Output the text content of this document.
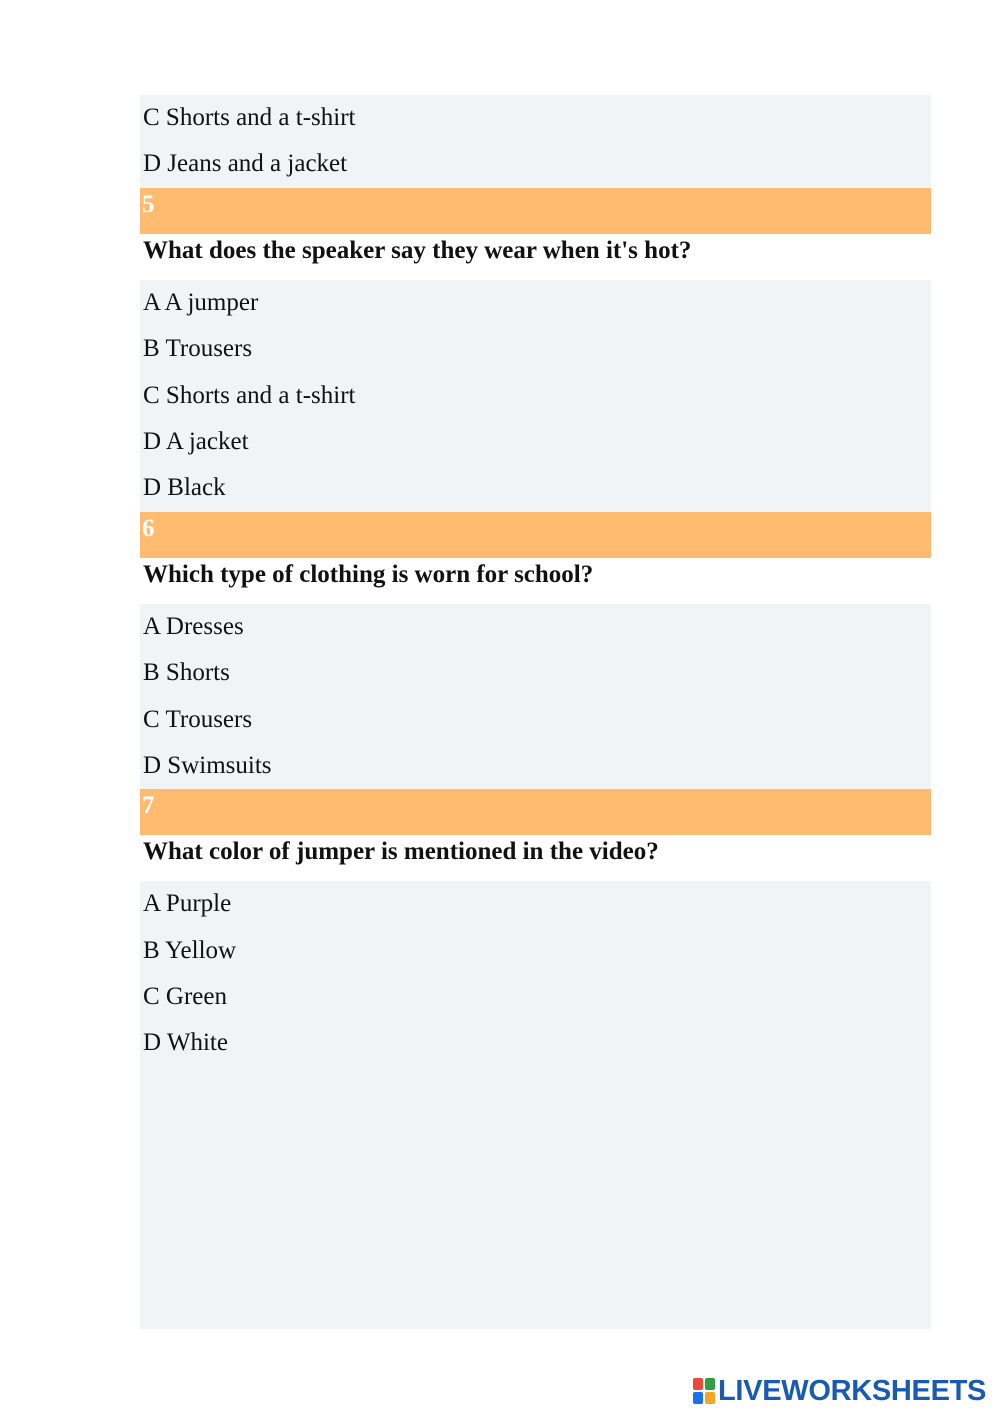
C Shorts and a t-shirt
D Jeans and a jacket
5
What does the speaker say they wear when it's hot?
A A jumper
B Trousers
C Shorts and a t-shirt
D A jacket
D Black
6
Which type of clothing is worn for school?
A Dresses
B Shorts
C Trousers
D Swimsuits
7
What color of jumper is mentioned in the video?
A Purple
B Yellow
C Green
D White
LIVEWORKSHEETS
